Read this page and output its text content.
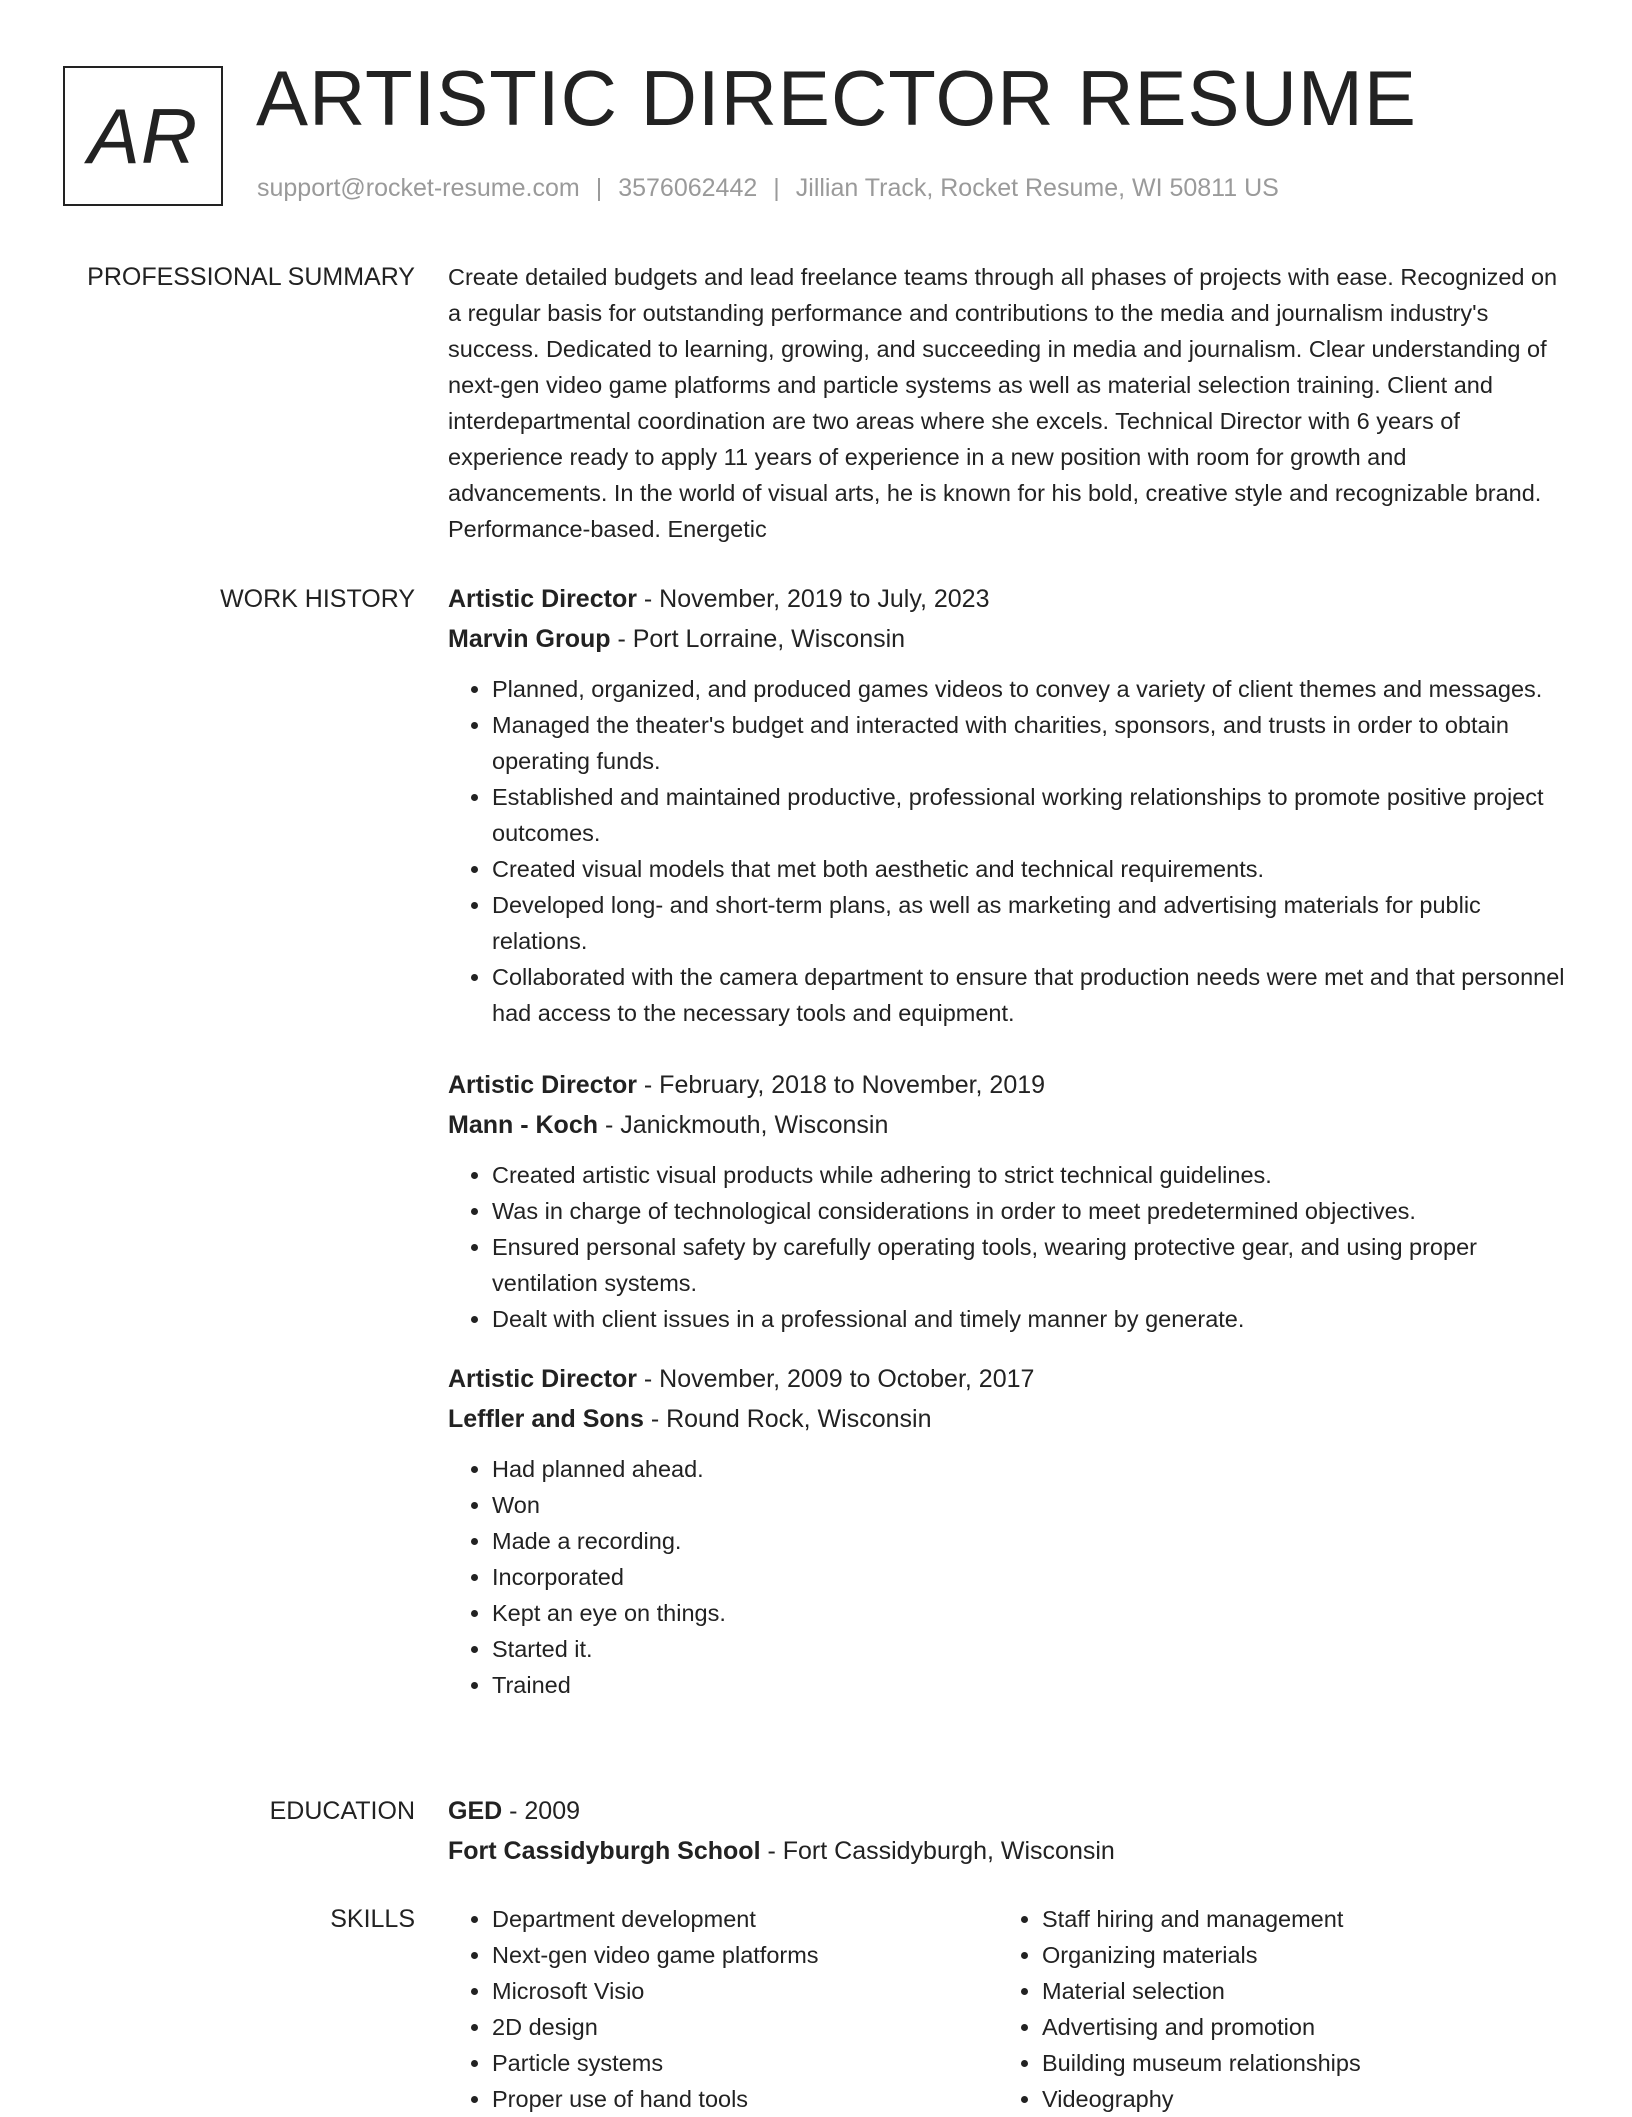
AR ARTISTIC DIRECTOR RESUME
support@rocket-resume.com | 3576062442 | Jillian Track, Rocket Resume, WI 50811 US
PROFESSIONAL SUMMARY Create detailed budgets and lead freelance teams through all phases of projects with ease. Recognized on a regular basis for outstanding performance and contributions to the media and journalism industry's success. Dedicated to learning, growing, and succeeding in media and journalism. Clear understanding of next-gen video game platforms and particle systems as well as material selection training. Client and interdepartmental coordination are two areas where she excels. Technical Director with 6 years of experience ready to apply 11 years of experience in a new position with room for growth and advancements. In the world of visual arts, he is known for his bold, creative style and recognizable brand. Performance-based. Energetic

WORK HISTORY Artistic Director - November, 2019 to July, 2023
Marvin Group - Port Lorraine, Wisconsin
• Planned, organized, and produced games videos to convey a variety of client themes and messages.
• Managed the theater's budget and interacted with charities, sponsors, and trusts in order to obtain operating funds.
• Established and maintained productive, professional working relationships to promote positive project outcomes.
• Created visual models that met both aesthetic and technical requirements.
• Developed long- and short-term plans, as well as marketing and advertising materials for public relations.
• Collaborated with the camera department to ensure that production needs were met and that personnel had access to the necessary tools and equipment.
Artistic Director - February, 2018 to November, 2019
Mann - Koch - Janickmouth, Wisconsin
• Created artistic visual products while adhering to strict technical guidelines.
• Was in charge of technological considerations in order to meet predetermined objectives.
• Ensured personal safety by carefully operating tools, wearing protective gear, and using proper ventilation systems.
• Dealt with client issues in a professional and timely manner by generate.
Artistic Director - November, 2009 to October, 2017
Leffler and Sons - Round Rock, Wisconsin
• Had planned ahead.
• Won
• Made a recording.
• Incorporated
• Kept an eye on things.
• Started it.
• Trained
EDUCATION GED - 2009
Fort Cassidyburgh School - Fort Cassidyburgh, Wisconsin
SKILLS
•	Department development
• Next-gen video game platforms
• Microsoft Visio
• 2D design
• Particle systems
• Proper use of hand tools
• Staff hiring and management
• Organizing materials
• Material selection
• Advertising and promotion
• Building museum relationships
• Videography
